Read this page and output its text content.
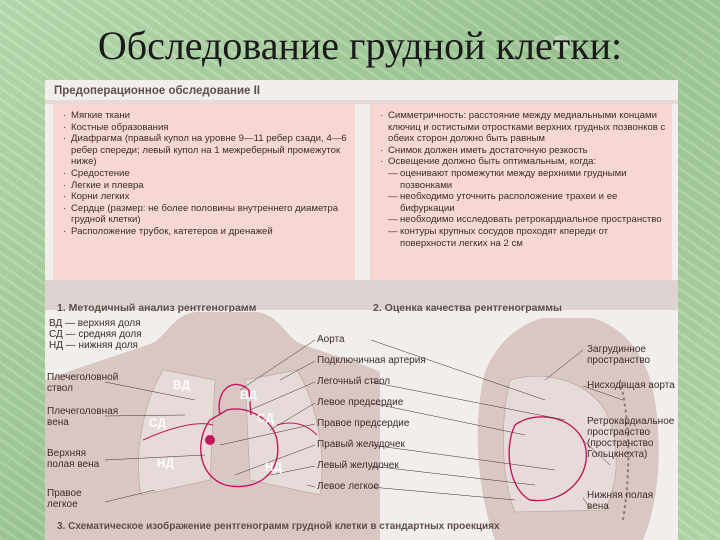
Обследование грудной клетки:
Предоперационное обследование II
· Мягкие ткани
· Костные образования
· Диафрагма (правый купол на уровне 9—11 ребер сзади, 4—6 ребер спереди; левый купол на 1 межреберный промежуток ниже)
· Средостение
· Легкие и плевра
· Корни легких
· Сердце (размер: не более половины внутреннего диаметра грудной клетки)
· Расположение трубок, катетеров и дренажей
· Симметричность: расстояние между медиальными концами ключиц и остистыми отростками верхних грудных позвонков с обеих сторон должно быть равным
· Снимок должен иметь достаточную резкость
· Освещение должно быть оптимальным, когда:
— оценивают промежутки между верхними грудными позвонками
— необходимо уточнить расположение трахеи и ее бифуркации
— необходимо исследовать ретрокардиальное пространство
— контуры крупных сосудов проходят кпереди от поверхности легких на 2 см
1. Методичный анализ рентгенограмм	2. Оценка качества рентгенограммы
ВД — верхняя доля
СД — средняя доля
НД — нижняя доля
Плечеголовной ствол
Плечеголовная вена
Верхняя полая вена
Правое легкое
Аорта
Подключичная артерия
Легочный ствол
Левое предсердие
Правое предсердие
Правый желудочек
Левый желудочек
Левое легкое
Загрудинное пространство
Нисходящая аорта
Ретрокардиальное пространство (пространство Гольцкнехта)
Нижняя полая вена
ВД
ВД
СД	СД
НД	НД
3. Схематическое изображение рентгенограмм грудной клетки в стандартных проекциях
